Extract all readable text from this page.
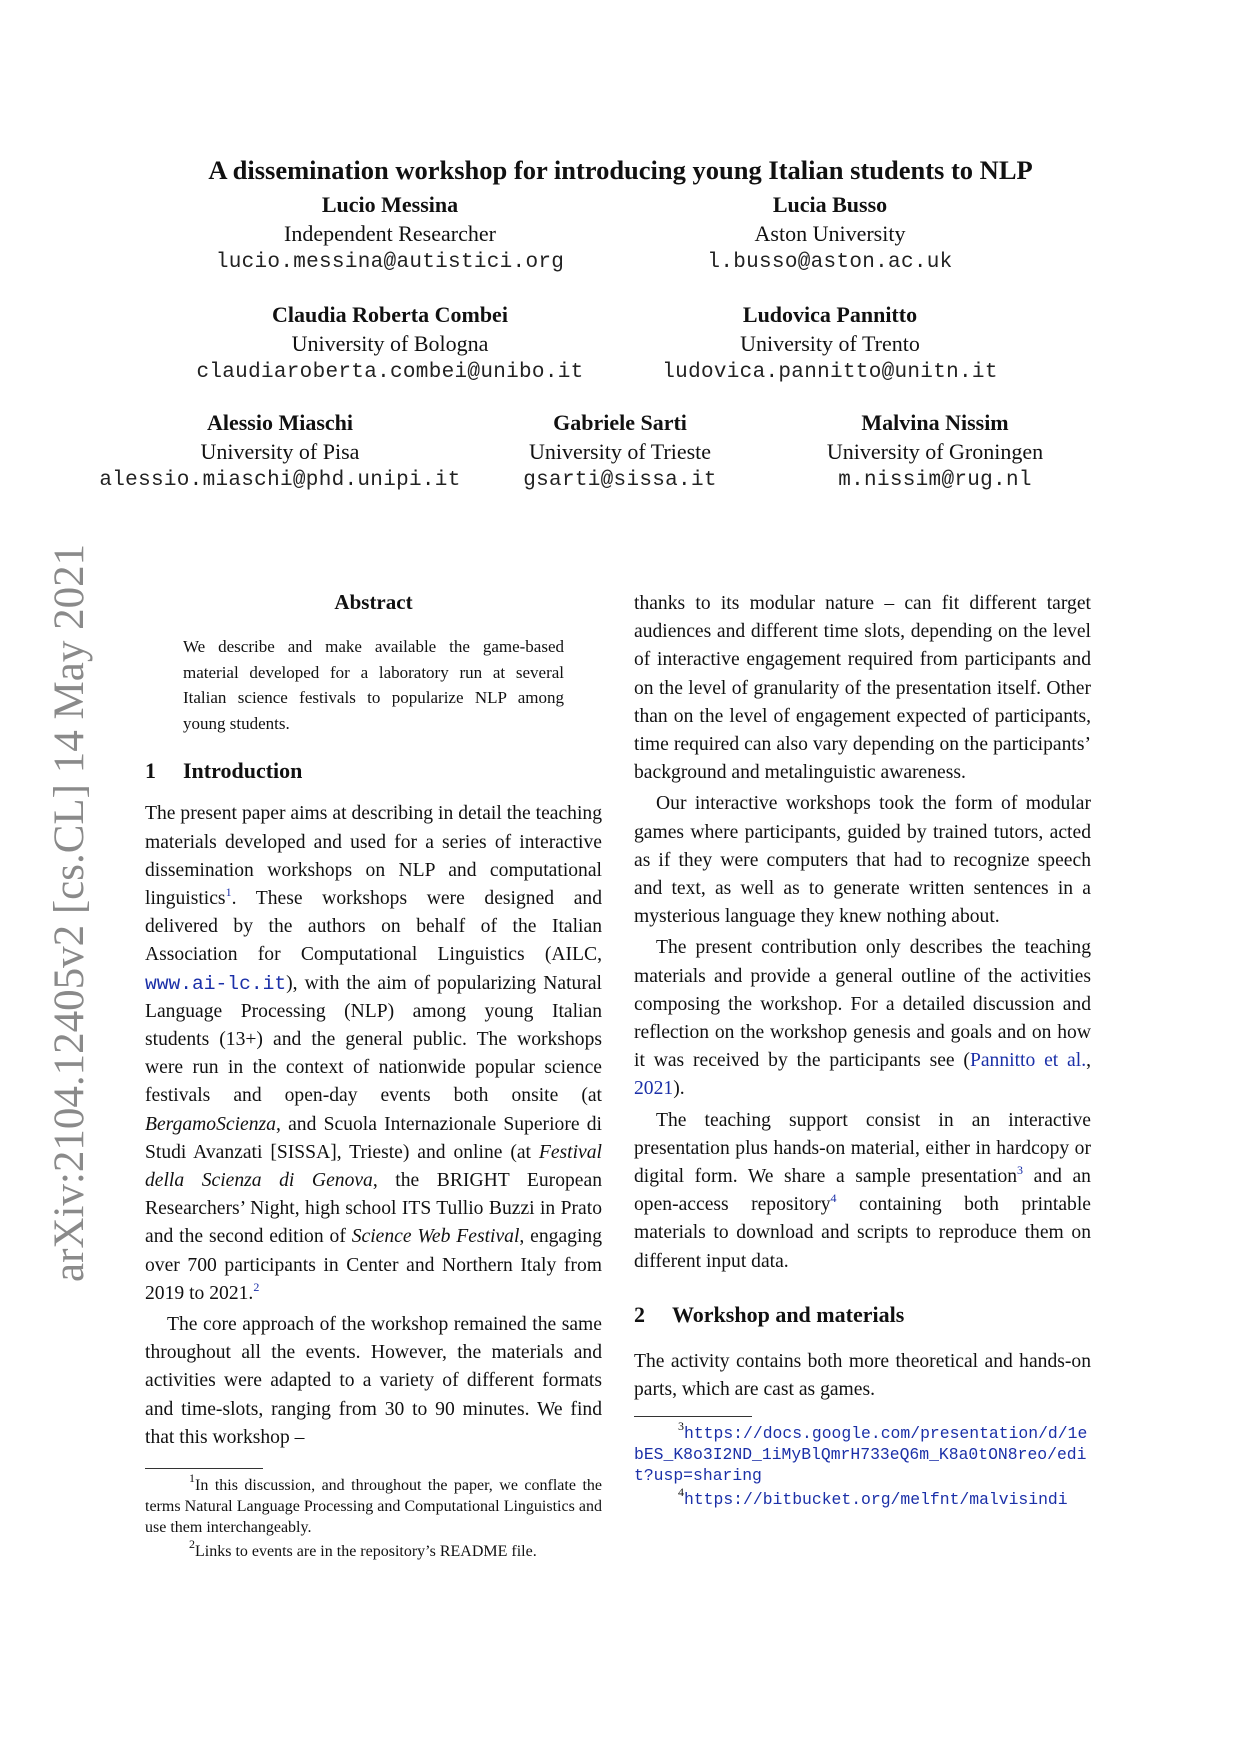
A dissemination workshop for introducing young Italian students to NLP
Lucio Messina
Independent Researcher
lucio.messina@autistici.org
Lucia Busso
Aston University
l.busso@aston.ac.uk
Claudia Roberta Combei
University of Bologna
claudiaroberta.combei@unibo.it
Ludovica Pannitto
University of Trento
ludovica.pannitto@unitn.it
Alessio Miaschi
University of Pisa
alessio.miaschi@phd.unipi.it
Gabriele Sarti
University of Trieste
gsarti@sissa.it
Malvina Nissim
University of Groningen
m.nissim@rug.nl
arXiv:2104.12405v2 [cs.CL] 14 May 2021	Abstract

We describe and make available the game-based material developed for a laboratory run at several Italian science festivals to popularize NLP among young students.

1 Introduction

The present paper aims at describing in detail the teaching materials developed and used for a series of interactive dissemination workshops on NLP and computational linguistics$^1$. These workshops were designed and delivered by the authors on behalf of the Italian Association for Computational Linguistics (AILC, www.ai-lc.it), with the aim of popularizing Natural Language Processing (NLP) among young Italian students (13+) and the general public. The workshops were run in the context of nationwide popular science festivals and open-day events both onsite (at BergamoScienza, and Scuola Internazionale Superiore di Studi Avanzati [SISSA], Trieste) and online (at Festival della Scienza di Genova, the BRIGHT European Researchers’ Night, high school ITS Tullio Buzzi in Prato and the second edition of Science Web Festival, engaging over 700 participants in Center and Northern Italy from 2019 to 2021.$^2$

The core approach of the workshop remained the same throughout all the events. However, the materials and activities were adapted to a variety of different formats and time-slots, ranging from 30 to 90 minutes. We find that this workshop –

$^1$In this discussion, and throughout the paper, we conflate the terms Natural Language Processing and Computational Linguistics and use them interchangeably.

$^2$Links to events are in the repository’s README file.

thanks to its modular nature – can fit different target audiences and different time slots, depending on the level of interactive engagement required from participants and on the level of granularity of the presentation itself. Other than on the level of engagement expected of participants, time required can also vary depending on the participants’ background and metalinguistic awareness.

Our interactive workshops took the form of modular games where participants, guided by trained tutors, acted as if they were computers that had to recognize speech and text, as well as to generate written sentences in a mysterious language they knew nothing about.

The present contribution only describes the teaching materials and provide a general outline of the activities composing the workshop. For a detailed discussion and reflection on the workshop genesis and goals and on how it was received by the participants see (Pannitto et al., 2021).

The teaching support consist in an interactive presentation plus hands-on material, either in hardcopy or digital form. We share a sample presentation$^3$ and an open-access repository$^4$ containing both printable materials to download and scripts to reproduce them on different input data.

2 Workshop and materials

The activity contains both more theoretical and hands-on parts, which are cast as games.

$^3$https://docs.google.com/presentation/d/1ebES_K8o3I2ND_1iMyBlQmrH733eQ6m_K8a0tON8reo/edit?usp=sharing

$^4$https://bitbucket.org/melfnt/malvisindi
